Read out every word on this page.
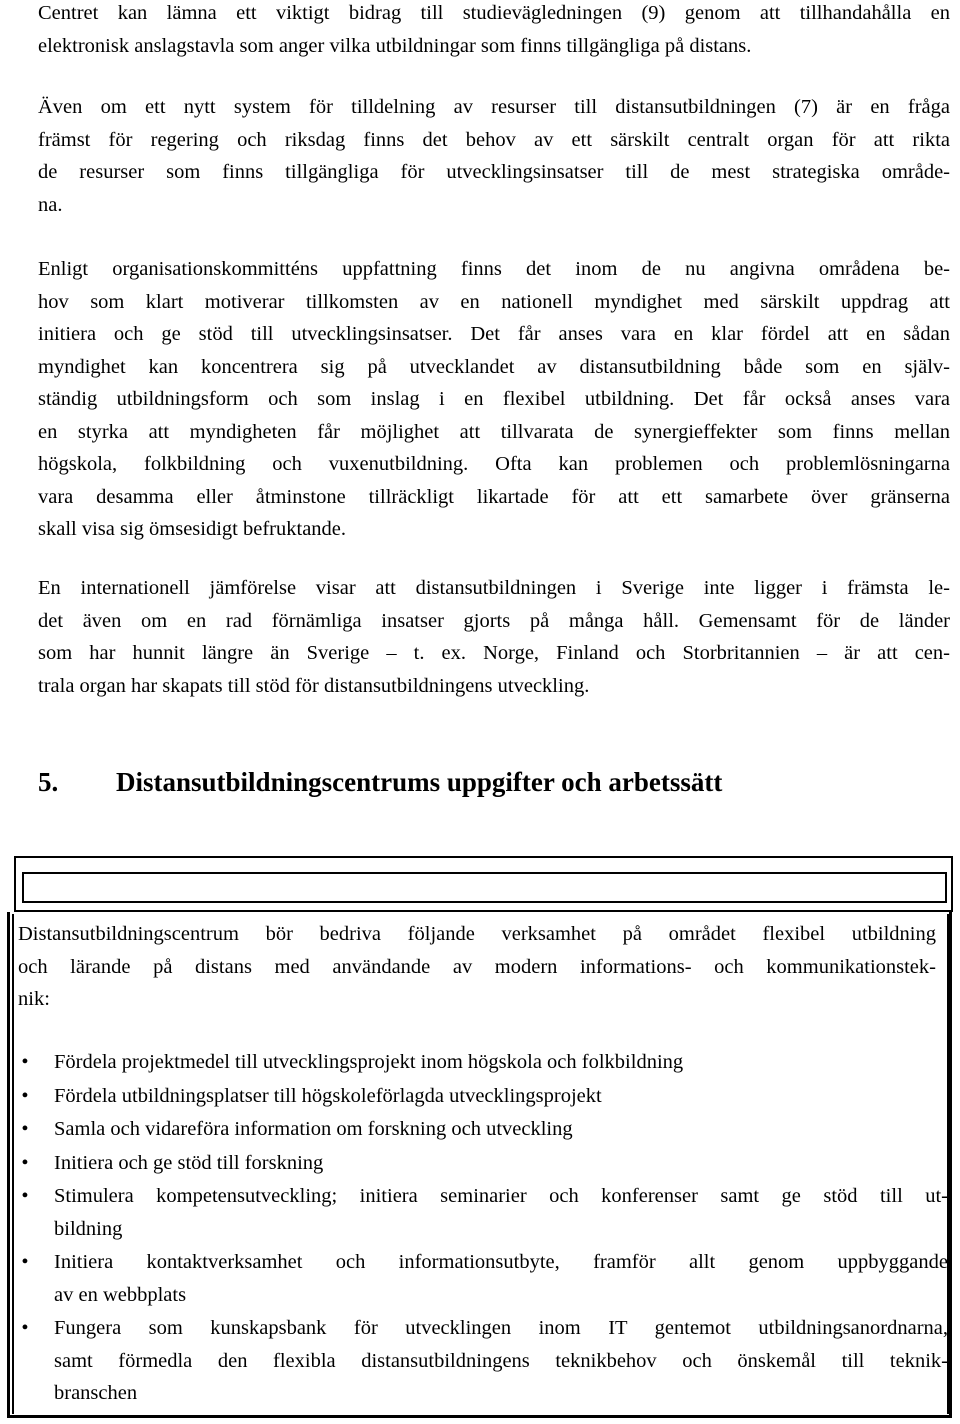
Centret kan lämna ett viktigt bidrag till studievägledningen (9) genom att tillhandahålla en
elektronisk anslagstavla som anger vilka utbildningar som finns tillgängliga på distans.
Även om ett nytt system för tilldelning av resurser till distansutbildningen (7) är en fråga
främst för regering och riksdag finns det behov av ett särskilt centralt organ för att rikta
de resurser som finns tillgängliga för utvecklingsinsatser till de mest strategiska område-
na.
Enligt organisationskommitténs uppfattning finns det inom de nu angivna områdena be-
hov som klart motiverar tillkomsten av en nationell myndighet med särskilt uppdrag att
initiera och ge stöd till utvecklingsinsatser. Det får anses vara en klar fördel att en sådan
myndighet kan koncentrera sig på utvecklandet av distansutbildning både som en själv-
ständig utbildningsform och som inslag i en flexibel utbildning. Det får också anses vara
en styrka att myndigheten får möjlighet att tillvarata de synergieffekter som finns mellan
högskola, folkbildning och vuxenutbildning. Ofta kan problemen och problemlösningarna
vara desamma eller åtminstone tillräckligt likartade för att ett samarbete över gränserna
skall visa sig ömsesidigt befruktande.
En internationell jämförelse visar att distansutbildningen i Sverige inte ligger i främsta le-
det även om en rad förnämliga insatser gjorts på många håll. Gemensamt för de länder
som har hunnit längre än Sverige – t. ex. Norge, Finland och Storbritannien – är att cen-
trala organ har skapats till stöd för distansutbildningens utveckling.
5. Distansutbildningscentrums uppgifter och arbetssätt
Distansutbildningscentrum bör bedriva följande verksamhet på området flexibel utbildning
och lärande på distans med användande av modern informations- och kommunikationstek-
nik:
• Fördela projektmedel till utvecklingsprojekt inom högskola och folkbildning
• Fördela utbildningsplatser till högskoleförlagda utvecklingsprojekt
• Samla och vidareföra information om forskning och utveckling
• Initiera och ge stöd till forskning
• Stimulera kompetensutveckling; initiera seminarier och konferenser samt ge stöd till ut-
bildning
• Initiera kontaktverksamhet och informationsutbyte, framför allt genom uppbyggande
av en webbplats
• Fungera som kunskapsbank för utvecklingen inom IT gentemot utbildningsanordnarna,
samt förmedla den flexibla distansutbildningens teknikbehov och önskemål till teknik-
branschen
